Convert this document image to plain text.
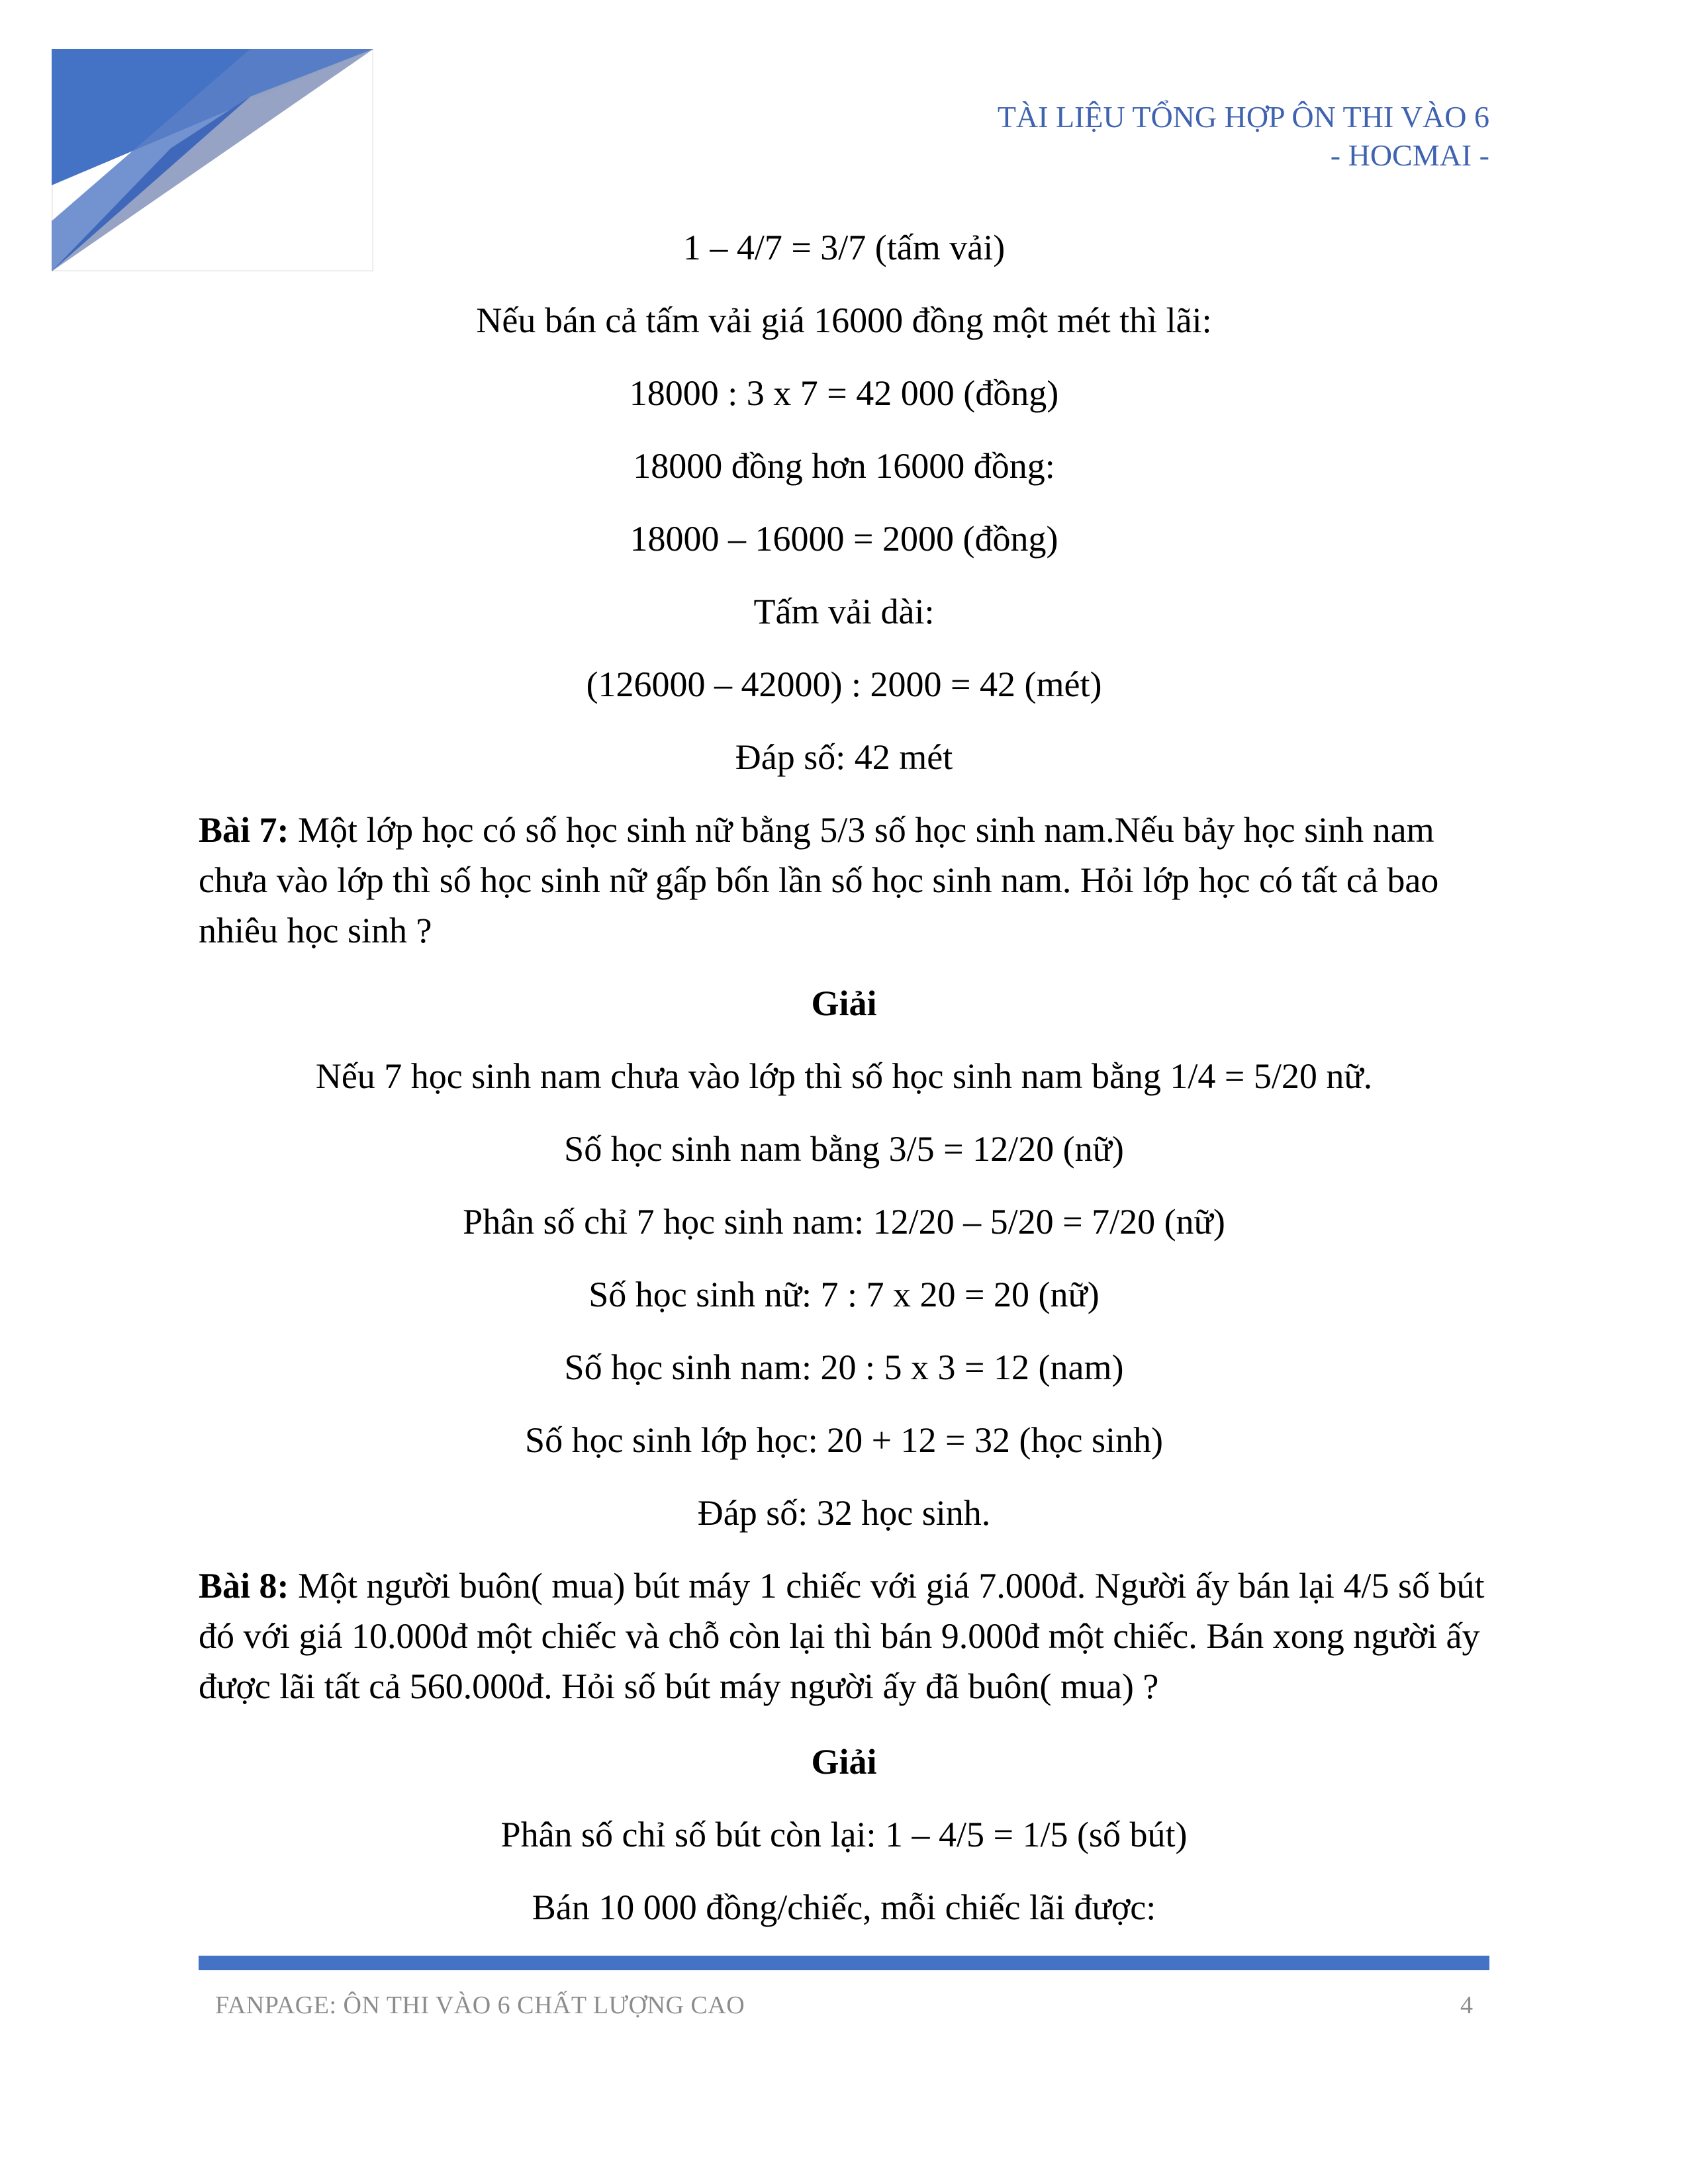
TÀI LIỆU TỔNG HỢP ÔN THI VÀO 6
- HOCMAI -
1 – 4/7 = 3/7 (tấm vải)
Nếu bán cả tấm vải giá 16000 đồng một mét thì lãi:
18000 : 3 x 7 = 42 000 (đồng)
18000 đồng hơn 16000 đồng:
18000 – 16000 = 2000 (đồng)
Tấm vải dài:
(126000 – 42000) : 2000 = 42 (mét)
Đáp số: 42 mét
Bài 7: Một lớp học có số học sinh nữ bằng 5/3 số học sinh nam.Nếu bảy học sinh nam chưa vào lớp thì số học sinh nữ gấp bốn lần số học sinh nam. Hỏi lớp học có tất cả bao nhiêu học sinh ?
Giải
Nếu 7 học sinh nam chưa vào lớp thì số học sinh nam bằng 1/4 = 5/20 nữ.
Số học sinh nam bằng 3/5 = 12/20 (nữ)
Phân số chỉ 7 học sinh nam: 12/20 – 5/20 = 7/20 (nữ)
Số học sinh nữ: 7 : 7 x 20 = 20 (nữ)
Số học sinh nam: 20 : 5 x 3 = 12 (nam)
Số học sinh lớp học: 20 + 12 = 32 (học sinh)
Đáp số: 32 học sinh.
Bài 8: Một người buôn( mua) bút máy 1 chiếc với giá 7.000đ. Người ấy bán lại 4/5 số bút đó với giá 10.000đ một chiếc và chỗ còn lại thì bán 9.000đ một chiếc. Bán xong người ấy được lãi tất cả 560.000đ. Hỏi số bút máy người ấy đã buôn( mua) ?
Giải
Phân số chỉ số bút còn lại: 1 – 4/5 = 1/5 (số bút)
Bán 10 000 đồng/chiếc, mỗi chiếc lãi được:
FANPAGE: ÔN THI VÀO 6 CHẤT LƯỢNG CAO	4
